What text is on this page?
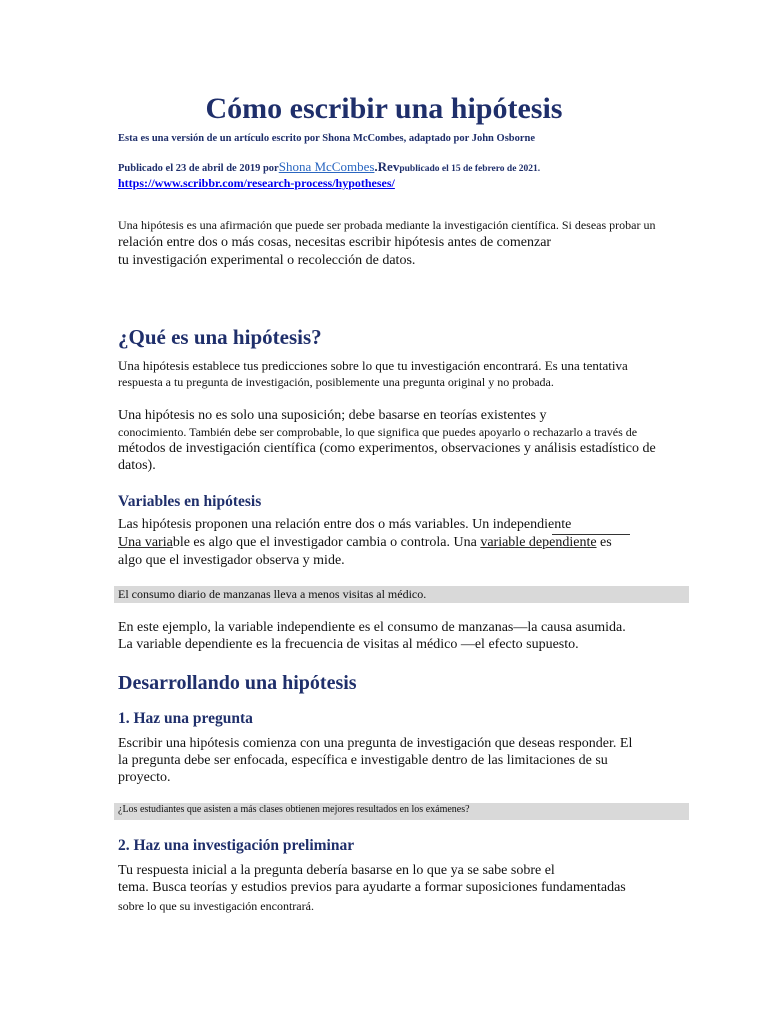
Cómo escribir una hipótesis
Esta es una versión de un artículo escrito por Shona McCombes, adaptado por John Osborne
Publicado el 23 de abril de 2019 porShona McCombes.Revpublicado el 15 de febrero de 2021.
https://www.scribbr.com/research-process/hypotheses/
Una hipótesis es una afirmación que puede ser probada mediante la investigación científica. Si deseas probar un
relación entre dos o más cosas, necesitas escribir hipótesis antes de comenzar
tu investigación experimental o recolección de datos.
¿Qué es una hipótesis?
Una hipótesis establece tus predicciones sobre lo que tu investigación encontrará. Es una tentativa
respuesta a tu pregunta de investigación, posiblemente una pregunta original y no probada.
Una hipótesis no es solo una suposición; debe basarse en teorías existentes y
conocimiento. También debe ser comprobable, lo que significa que puedes apoyarlo o rechazarlo a través de
métodos de investigación científica (como experimentos, observaciones y análisis estadístico de
datos).
Variables en hipótesis
Las hipótesis proponen una relación entre dos o más variables. Un independiente
Una variable es algo que el investigador cambia o controla. Una variable dependiente es
algo que el investigador observa y mide.
El consumo diario de manzanas lleva a menos visitas al médico.
En este ejemplo, la variable independiente es el consumo de manzanas—la causa asumida.
La variable dependiente es la frecuencia de visitas al médico —el efecto supuesto.
Desarrollando una hipótesis
1. Haz una pregunta
Escribir una hipótesis comienza con una pregunta de investigación que deseas responder. El
la pregunta debe ser enfocada, específica e investigable dentro de las limitaciones de su
proyecto.
¿Los estudiantes que asisten a más clases obtienen mejores resultados en los exámenes?
2. Haz una investigación preliminar
Tu respuesta inicial a la pregunta debería basarse en lo que ya se sabe sobre el
tema. Busca teorías y estudios previos para ayudarte a formar suposiciones fundamentadas
sobre lo que su investigación encontrará.
